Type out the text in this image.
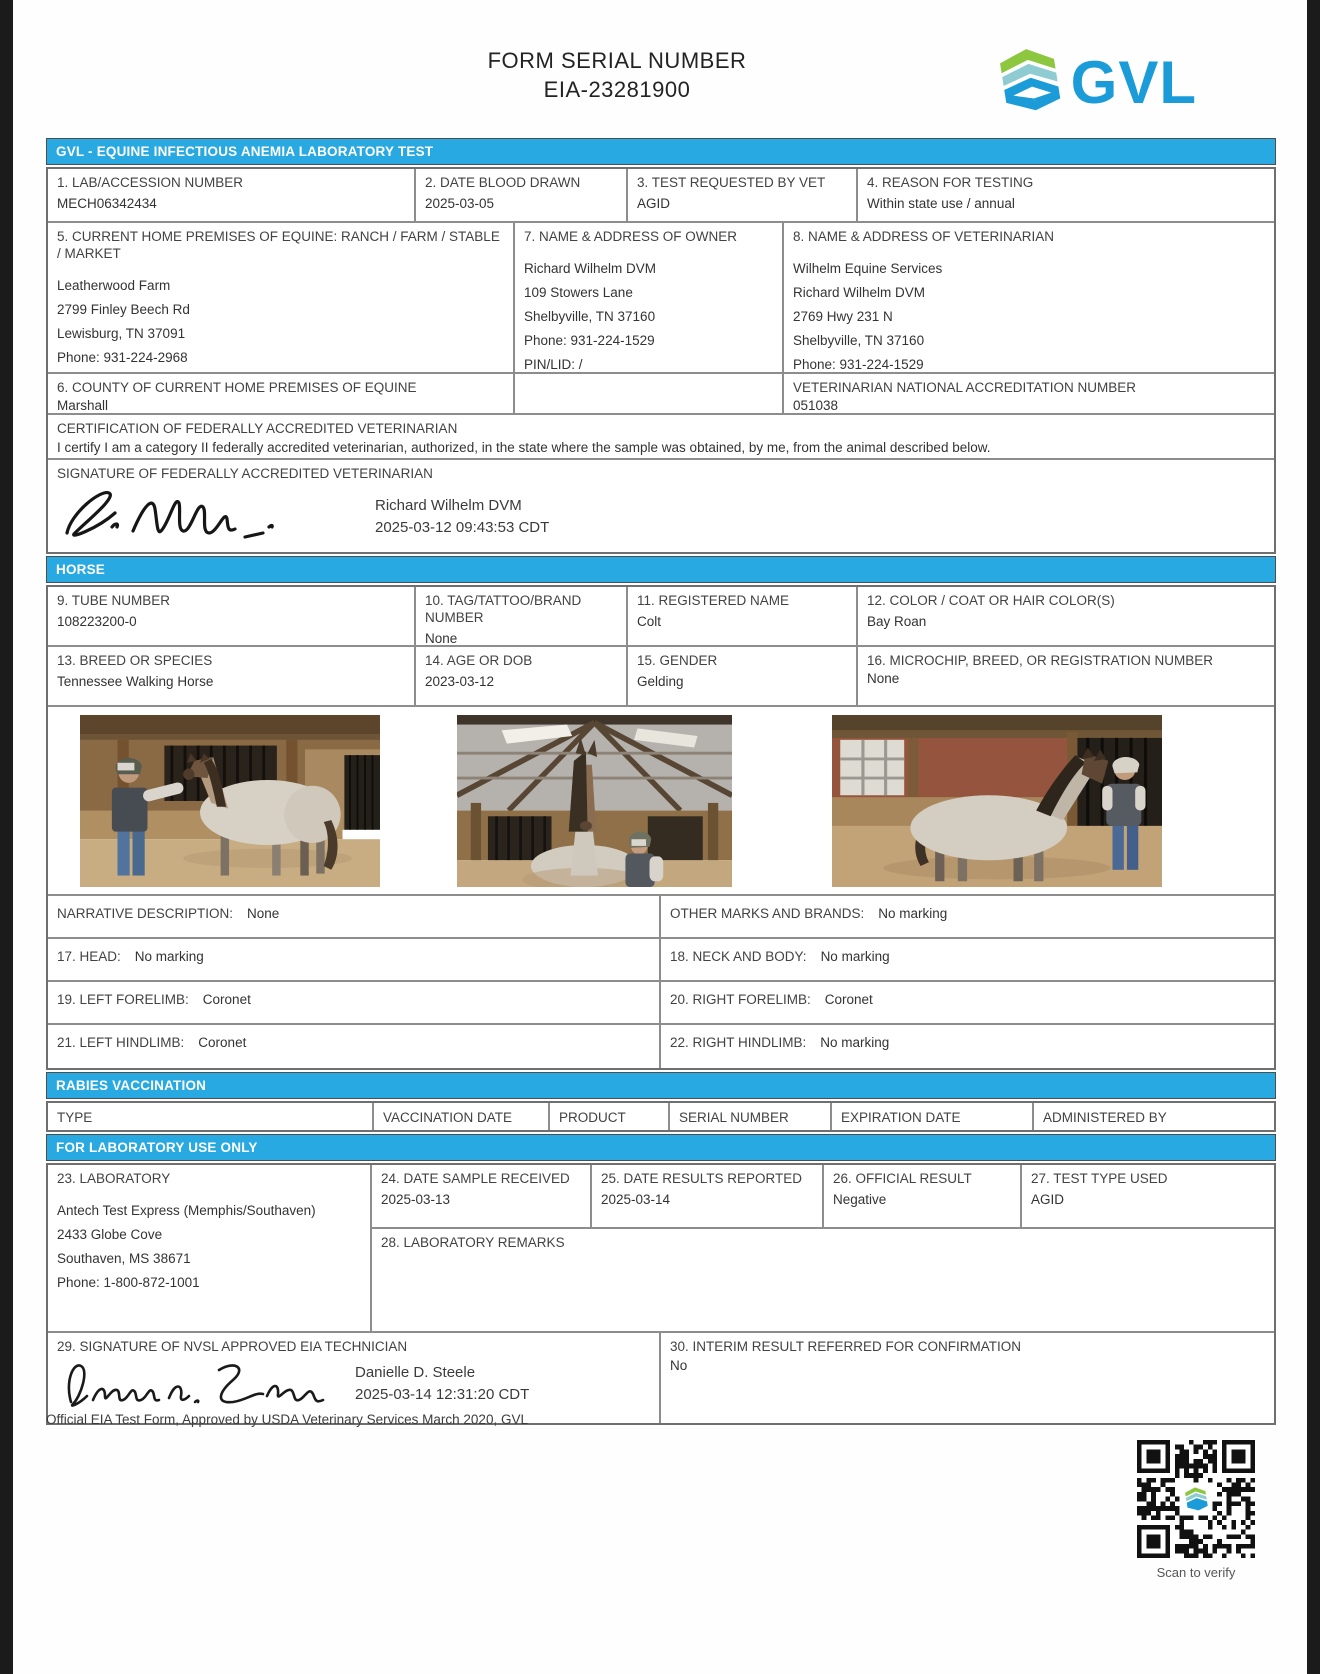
FORM SERIAL NUMBER
EIA-23281900	GVL
GVL - EQUINE INFECTIOUS ANEMIA LABORATORY TEST
1. LAB/ACCESSION NUMBER
MECH06342434
2. DATE BLOOD DRAWN
2025-03-05
3. TEST REQUESTED BY VET
AGID
4. REASON FOR TESTING
Within state use / annual
5. CURRENT HOME PREMISES OF EQUINE: RANCH / FARM / STABLE / MARKET

Leatherwood Farm

2799 Finley Beech Rd

Lewisburg, TN 37091

Phone: 931-224-2968

7. NAME & ADDRESS OF OWNER

Richard Wilhelm DVM

109 Stowers Lane

Shelbyville, TN 37160

Phone: 931-224-1529

PIN/LID: /

8. NAME & ADDRESS OF VETERINARIAN

Wilhelm Equine Services

Richard Wilhelm DVM

2769 Hwy 231 N

Shelbyville, TN 37160

Phone: 931-224-1529

6. COUNTY OF CURRENT HOME PREMISES OF EQUINE
Marshall
VETERINARIAN NATIONAL ACCREDITATION NUMBER
051038
CERTIFICATION OF FEDERALLY ACCREDITED VETERINARIAN
I certify I am a category II federally accredited veterinarian, authorized, in the state where the sample was obtained, by me, from the animal described below.
SIGNATURE OF FEDERALLY ACCREDITED VETERINARIAN
Richard Wilhelm DVM
2025-03-12 09:43:53 CDT
HORSE
9. TUBE NUMBER
108223200-0
10. TAG/TATTOO/BRAND NUMBER
None
11. REGISTERED NAME
Colt
12. COLOR / COAT OR HAIR COLOR(S)
Bay Roan
13. BREED OR SPECIES
Tennessee Walking Horse
14. AGE OR DOB
2023-03-12
15. GENDER
Gelding
16. MICROCHIP, BREED, OR REGISTRATION NUMBER
None
NARRATIVE DESCRIPTION: None	OTHER MARKS AND BRANDS: No marking
17. HEAD: No marking	18. NECK AND BODY: No marking
19. LEFT FORELIMB: Coronet	20. RIGHT FORELIMB: Coronet
21. LEFT HINDLIMB: Coronet	22. RIGHT HINDLIMB: No marking
RABIES VACCINATION
TYPE	VACCINATION DATE	PRODUCT	SERIAL NUMBER	EXPIRATION DATE	ADMINISTERED BY
FOR LABORATORY USE ONLY
23. LABORATORY

Antech Test Express (Memphis/Southaven)

2433 Globe Cove

Southaven, MS 38671

Phone: 1-800-872-1001

24. DATE SAMPLE RECEIVED
2025-03-13
25. DATE RESULTS REPORTED
2025-03-14
26. OFFICIAL RESULT
Negative
27. TEST TYPE USED
AGID
28. LABORATORY REMARKS
29. SIGNATURE OF NVSL APPROVED EIA TECHNICIAN
Danielle D. Steele
2025-03-14 12:31:20 CDT
30. INTERIM RESULT REFERRED FOR CONFIRMATION
No
Official EIA Test Form, Approved by USDA Veterinary Services March 2020, GVL
Scan to verify
